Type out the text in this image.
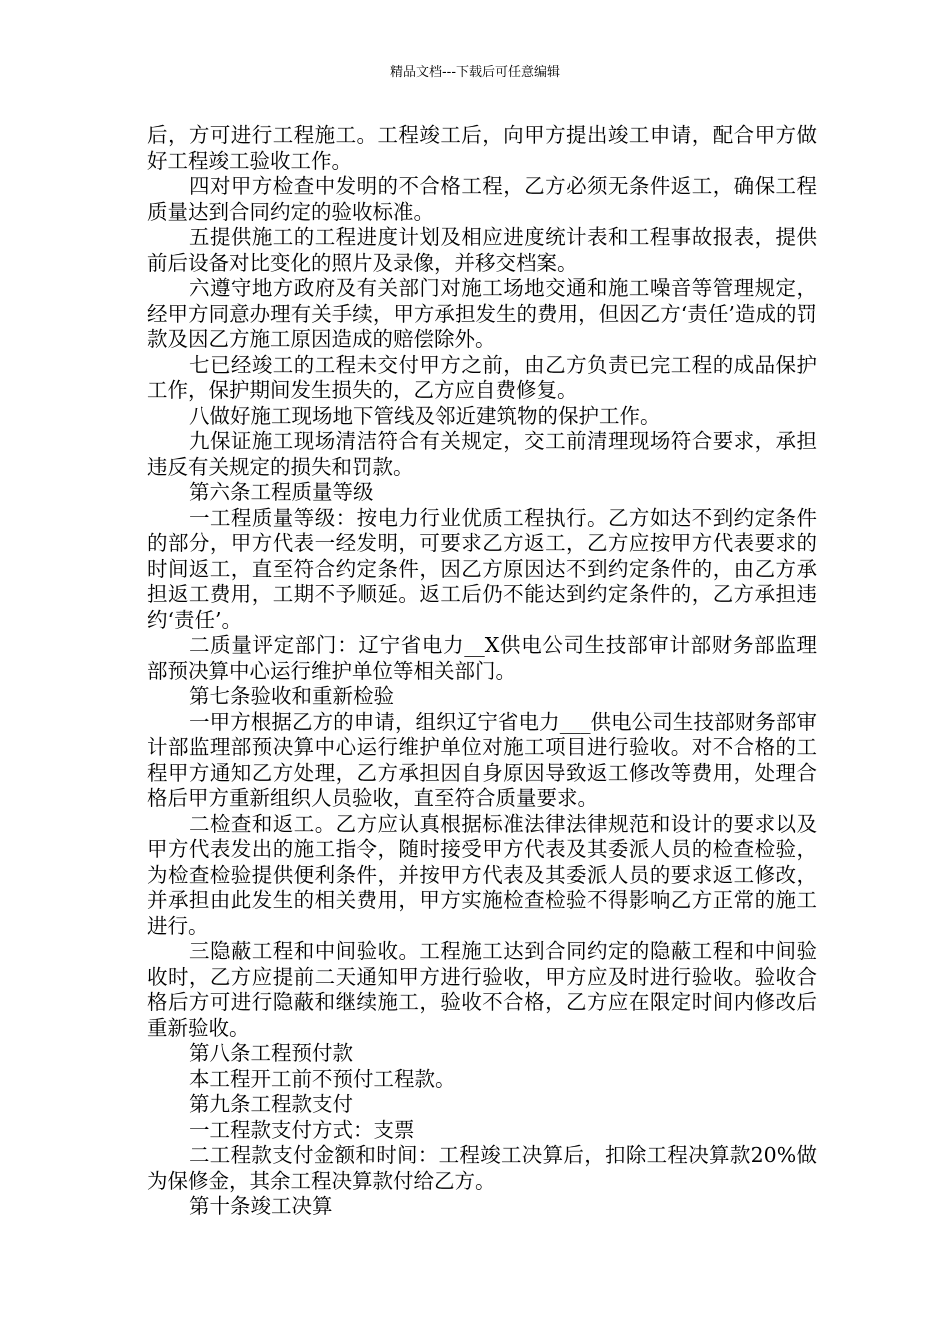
精品文档---下载后可任意编辑

后，方可进行工程施工。工程竣工后，向甲方提出竣工申请，配合甲方做好工程竣工验收工作。

四对甲方检查中发明的不合格工程，乙方必须无条件返工，确保工程质量达到合同约定的验收标准。

五提供施工的工程进度计划及相应进度统计表和工程事故报表，提供前后设备对比变化的照片及录像，并移交档案。

六遵守地方政府及有关部门对施工场地交通和施工噪音等管理规定，经甲方同意办理有关手续，甲方承担发生的费用，但因乙方‘责任’造成的罚款及因乙方施工原因造成的赔偿除外。

七已经竣工的工程未交付甲方之前，由乙方负责已完工程的成品保护工作，保护期间发生损失的，乙方应自费修复。

八做好施工现场地下管线及邻近建筑物的保护工作。

九保证施工现场清洁符合有关规定，交工前清理现场符合要求，承担违反有关规定的损失和罚款。

第六条工程质量等级

一工程质量等级：按电力行业优质工程执行。乙方如达不到约定条件的部分，甲方代表一经发明，可要求乙方返工，乙方应按甲方代表要求的时间返工，直至符合约定条件，因乙方原因达不到约定条件的，由乙方承担返工费用，工期不予顺延。返工后仍不能达到约定条件的，乙方承担违约‘责任’。

二质量评定部门：辽宁省电力__X供电公司生技部审计部财务部监理部预决算中心运行维护单位等相关部门。

第七条验收和重新检验

一甲方根据乙方的申请，组织辽宁省电力___供电公司生技部财务部审计部监理部预决算中心运行维护单位对施工项目进行验收。对不合格的工程甲方通知乙方处理，乙方承担因自身原因导致返工修改等费用，处理合格后甲方重新组织人员验收，直至符合质量要求。

二检查和返工。乙方应认真根据标准法律法律规范和设计的要求以及甲方代表发出的施工指令，随时接受甲方代表及其委派人员的检查检验，为检查检验提供便利条件，并按甲方代表及其委派人员的要求返工修改，并承担由此发生的相关费用，甲方实施检查检验不得影响乙方正常的施工进行。

三隐蔽工程和中间验收。工程施工达到合同约定的隐蔽工程和中间验收时，乙方应提前二天通知甲方进行验收，甲方应及时进行验收。验收合格后方可进行隐蔽和继续施工，验收不合格，乙方应在限定时间内修改后重新验收。

第八条工程预付款

本工程开工前不预付工程款。

第九条工程款支付

一工程款支付方式：支票

二工程款支付金额和时间：工程竣工决算后，扣除工程决算款20%做为保修金，其余工程决算款付给乙方。

第十条竣工决算
